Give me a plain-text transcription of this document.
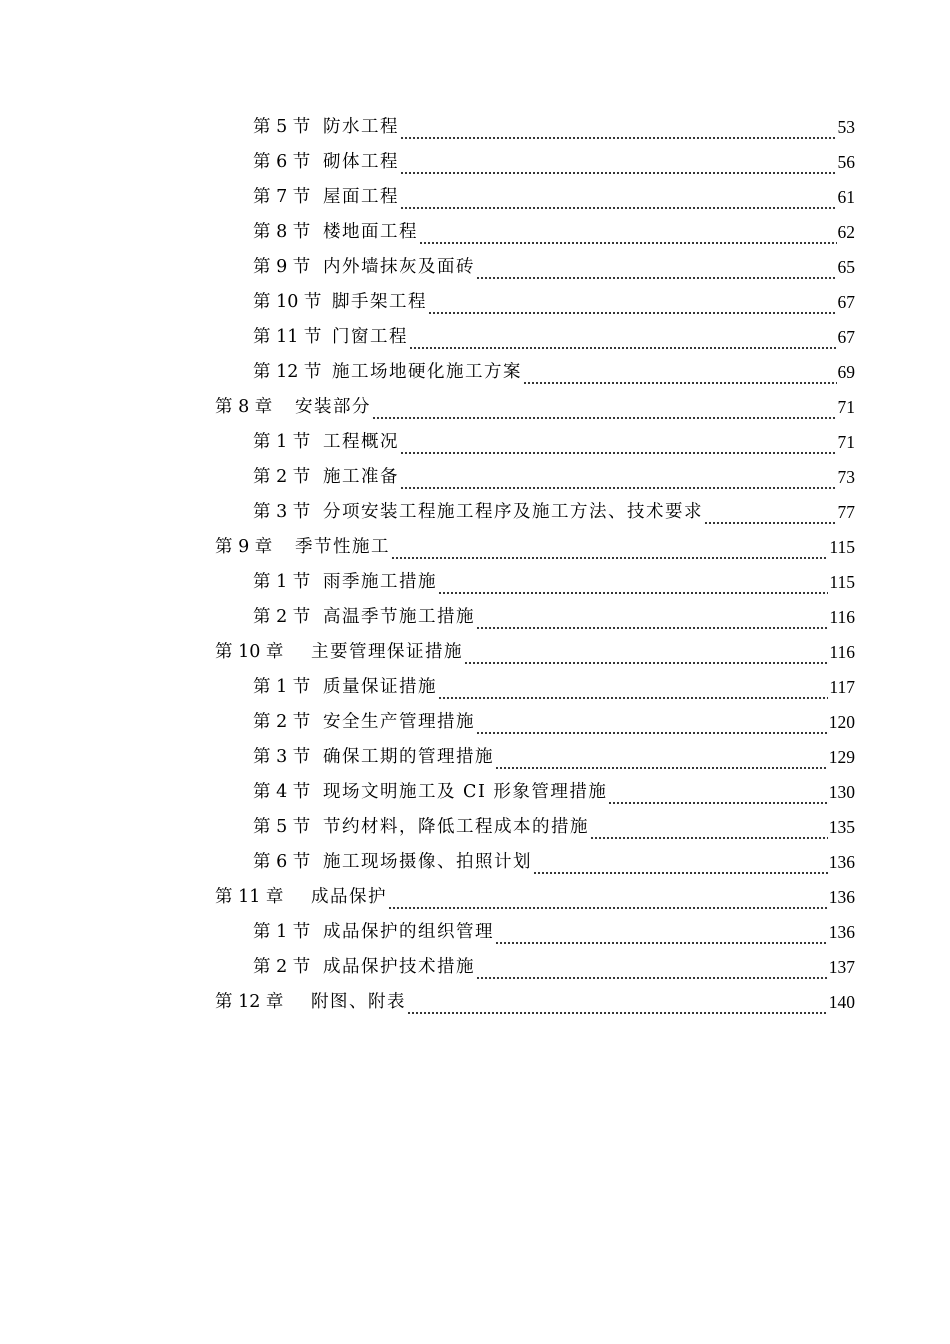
第 5 节 防水工程	53
第 6 节 砌体工程	56
第 7 节 屋面工程	61
第 8 节 楼地面工程	62
第 9 节 内外墙抹灰及面砖	65
第 10 节 脚手架工程	67
第 11 节 门窗工程	67
第 12 节 施工场地硬化施工方案	69
第 8 章	安装部分	71
第 1 节 工程概况	71
第 2 节 施工准备	73
第 3 节 分项安装工程施工程序及施工方法、技术要求	77
第 9 章	季节性施工	115
第 1 节 雨季施工措施	115
第 2 节 高温季节施工措施	116
第 10 章	主要管理保证措施	116
第 1 节 质量保证措施	117
第 2 节 安全生产管理措施	120
第 3 节 确保工期的管理措施	129
第 4 节 现场文明施工及 CI 形象管理措施	130
第 5 节 节约材料，降低工程成本的措施	135
第 6 节 施工现场摄像、拍照计划	136
第 11 章	成品保护	136
第 1 节 成品保护的组织管理	136
第 2 节 成品保护技术措施	137
第 12 章	附图、附表	140
